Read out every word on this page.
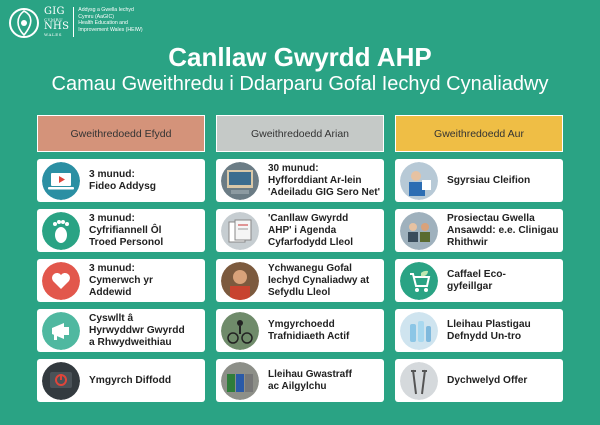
GIG
CYMRU
NHS
WALES
Addysg a Gwella Iechyd
Cymru (AaGIC)
Health Education and
Improvement Wales (HEIW)
Canllaw Gwyrdd AHP
Camau Gweithredu i Ddarparu Gofal Iechyd Cynaliadwy
Gweithredoedd Efydd
3 munud:
Fideo Addysg
3 munud:
Cyfrifiannell Ôl
Troed Personol
3 munud:
Cymerwch yr
Addewid
Cyswllt â
Hyrwyddwr Gwyrdd
a Rhwydweithiau
Ymgyrch Diffodd
Gweithredoedd Arian
30 munud:
Hyfforddiant Ar-lein
'Adeiladu GIG Sero Net'
'Canllaw Gwyrdd
AHP' i Agenda
Cyfarfodydd Lleol
Ychwanegu Gofal
Iechyd Cynaliadwy at
Sefydlu Lleol
Ymgyrchoedd
Trafnidiaeth Actif
Lleihau Gwastraff
ac Ailgylchu
Gweithredoedd Aur
Sgyrsiau Cleifion
Prosiectau Gwella
Ansawdd: e.e. Clinigau
Rhithwir
Caffael Eco-
gyfeillgar
Lleihau Plastigau
Defnydd Un-tro
Dychwelyd Offer
